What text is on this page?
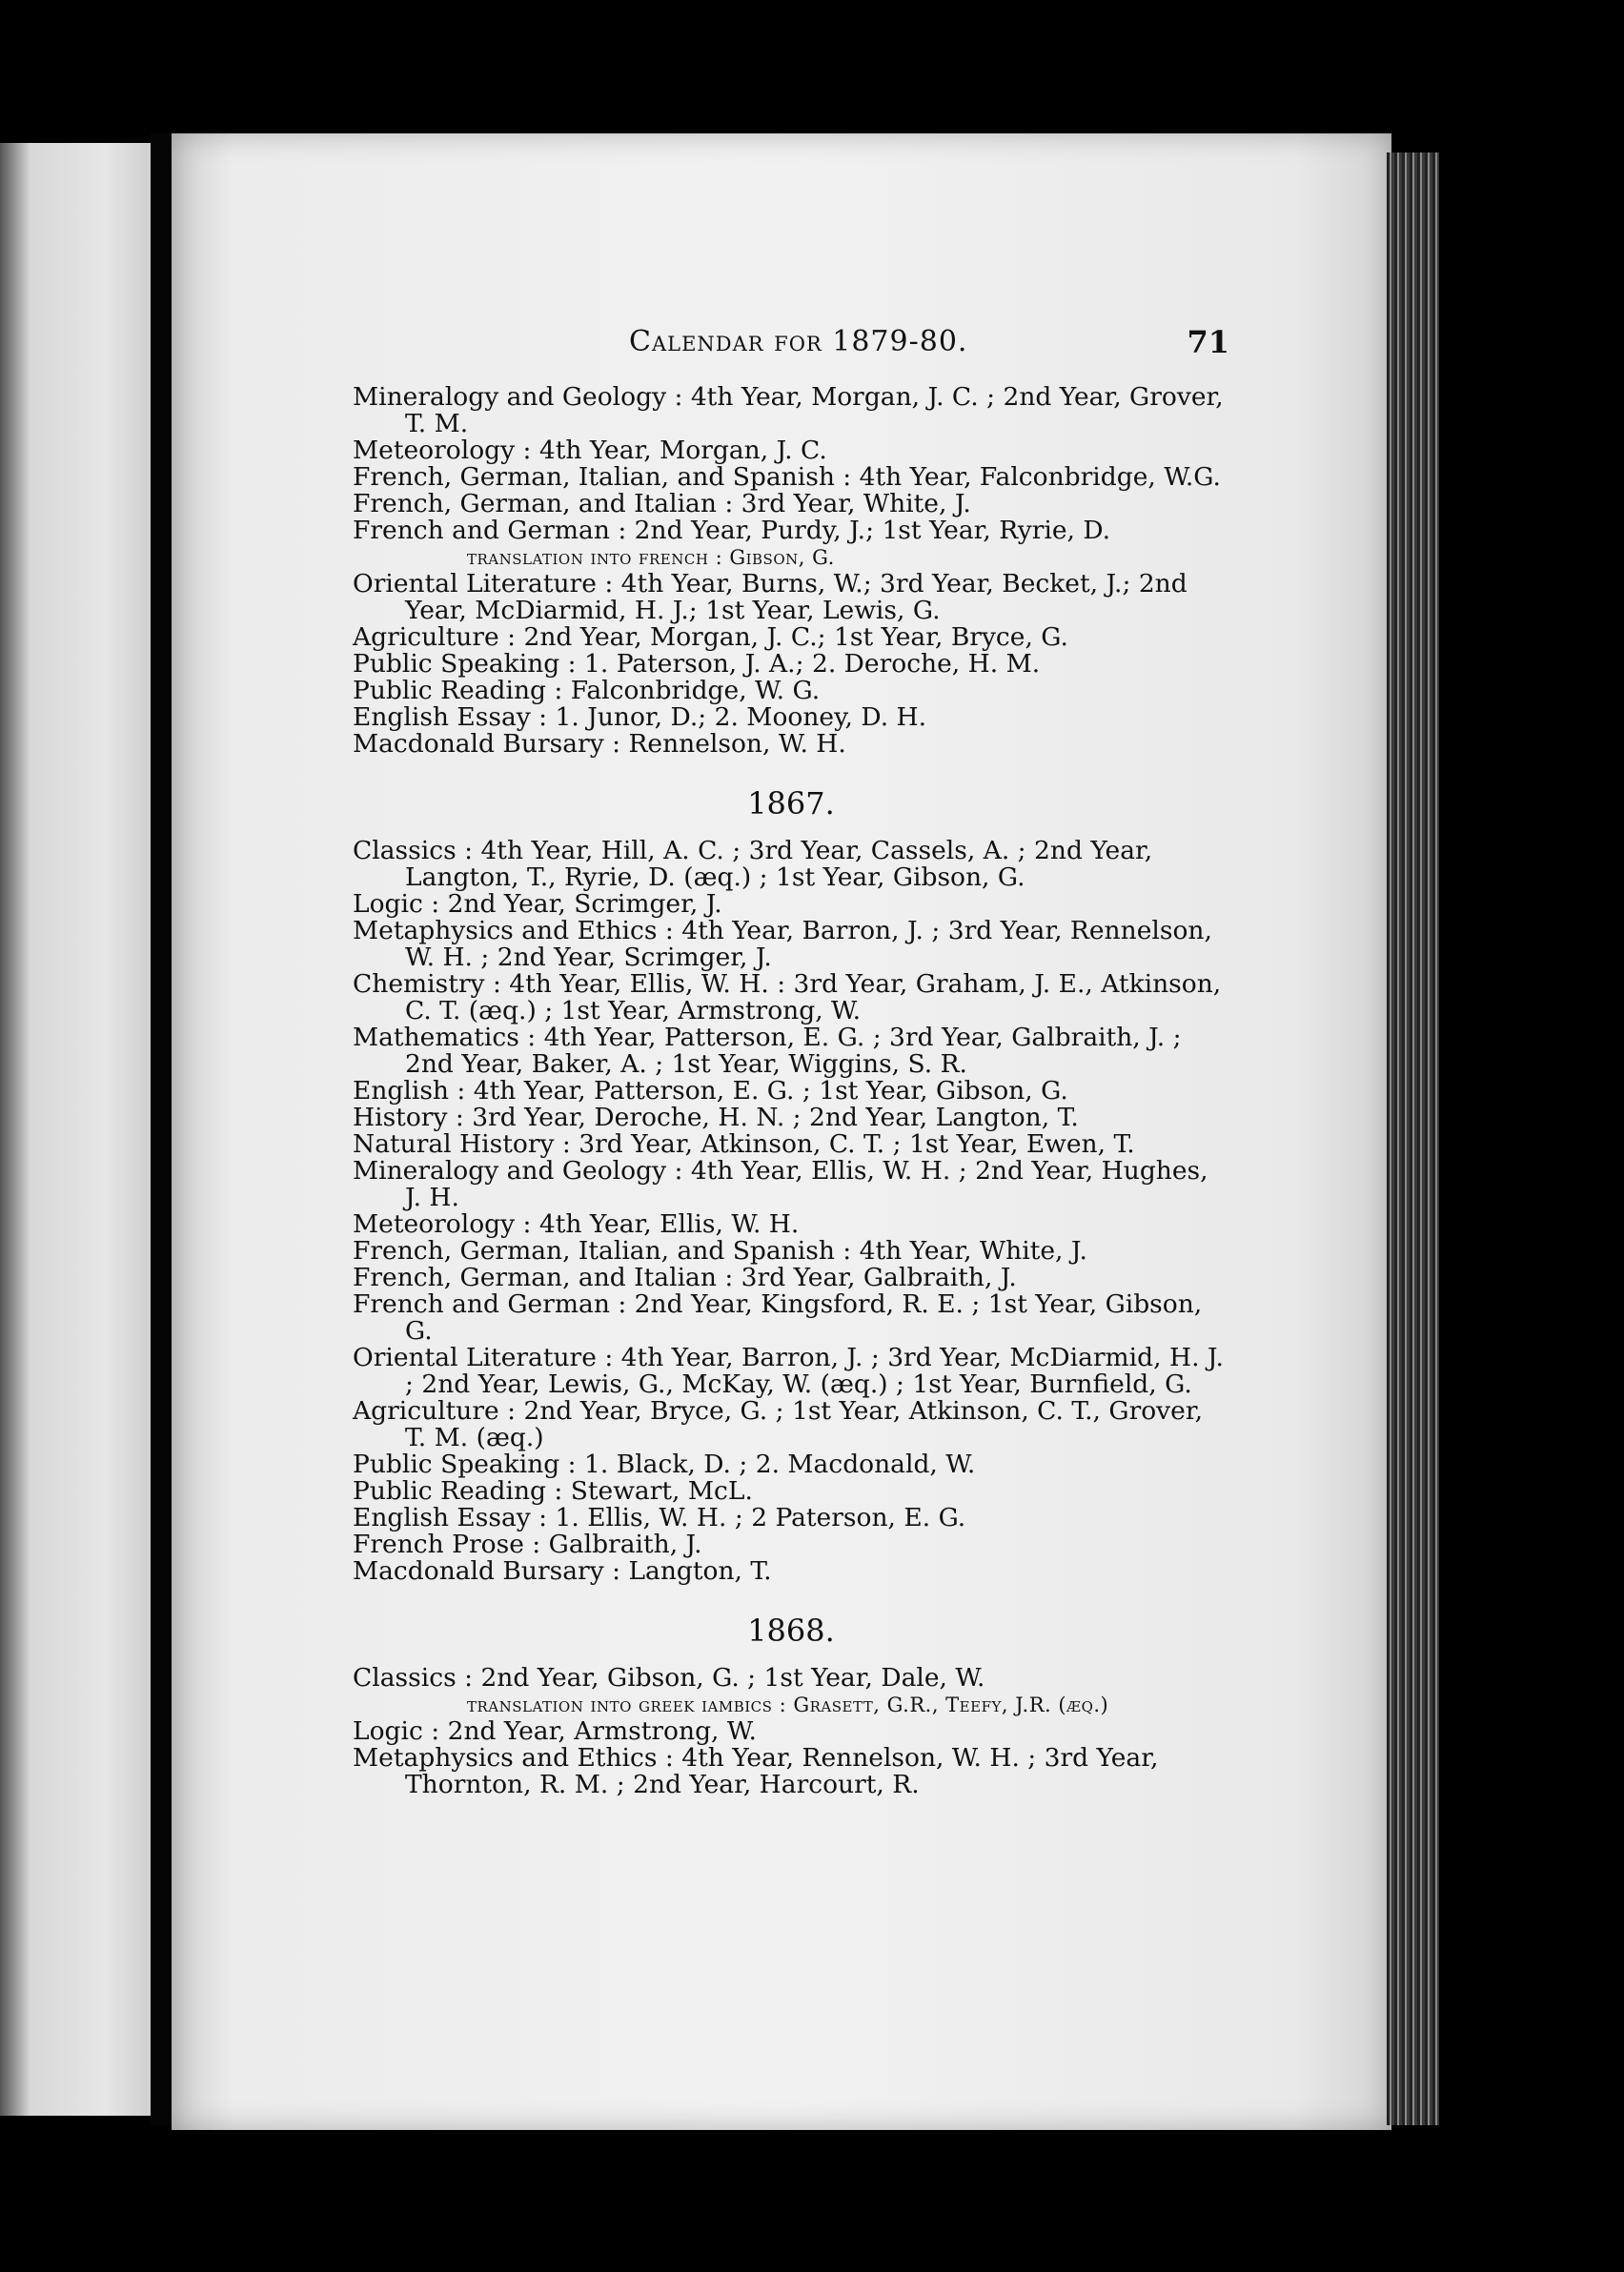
Calendar for 1879-80.	71

Mineralogy and Geology : 4th Year, Morgan, J. C. ; 2nd Year, Grover, T. M.

Meteorology : 4th Year, Morgan, J. C.

French, German, Italian, and Spanish : 4th Year, Falconbridge, W.G.

French, German, and Italian : 3rd Year, White, J.

French and German : 2nd Year, Purdy, J.; 1st Year, Ryrie, D.

translation into french : Gibson, G.

Oriental Literature : 4th Year, Burns, W.; 3rd Year, Becket, J.; 2nd Year, McDiarmid, H. J.; 1st Year, Lewis, G.

Agriculture : 2nd Year, Morgan, J. C.; 1st Year, Bryce, G.

Public Speaking : 1. Paterson, J. A.; 2. Deroche, H. M.

Public Reading : Falconbridge, W. G.

English Essay : 1. Junor, D.; 2. Mooney, D. H.

Macdonald Bursary : Rennelson, W. H.

1867.

Classics : 4th Year, Hill, A. C. ; 3rd Year, Cassels, A. ; 2nd Year, Langton, T., Ryrie, D. (æq.) ; 1st Year, Gibson, G.

Logic : 2nd Year, Scrimger, J.

Metaphysics and Ethics : 4th Year, Barron, J. ; 3rd Year, Rennelson, W. H. ; 2nd Year, Scrimger, J.

Chemistry : 4th Year, Ellis, W. H. : 3rd Year, Graham, J. E., Atkinson, C. T. (æq.) ; 1st Year, Armstrong, W.

Mathematics : 4th Year, Patterson, E. G. ; 3rd Year, Galbraith, J. ; 2nd Year, Baker, A. ; 1st Year, Wiggins, S. R.

English : 4th Year, Patterson, E. G. ; 1st Year, Gibson, G.

History : 3rd Year, Deroche, H. N. ; 2nd Year, Langton, T.

Natural History : 3rd Year, Atkinson, C. T. ; 1st Year, Ewen, T.

Mineralogy and Geology : 4th Year, Ellis, W. H. ; 2nd Year, Hughes, J. H.

Meteorology : 4th Year, Ellis, W. H.

French, German, Italian, and Spanish : 4th Year, White, J.

French, German, and Italian : 3rd Year, Galbraith, J.

French and German : 2nd Year, Kingsford, R. E. ; 1st Year, Gibson, G.

Oriental Literature : 4th Year, Barron, J. ; 3rd Year, McDiarmid, H. J. ; 2nd Year, Lewis, G., McKay, W. (æq.) ; 1st Year, Burnfield, G.

Agriculture : 2nd Year, Bryce, G. ; 1st Year, Atkinson, C. T., Grover, T. M. (æq.)

Public Speaking : 1. Black, D. ; 2. Macdonald, W.

Public Reading : Stewart, McL.

English Essay : 1. Ellis, W. H. ; 2 Paterson, E. G.

French Prose : Galbraith, J.

Macdonald Bursary : Langton, T.

1868.

Classics : 2nd Year, Gibson, G. ; 1st Year, Dale, W.

translation into greek iambics : Grasett, G.R., Teefy, J.R. (æq.)

Logic : 2nd Year, Armstrong, W.

Metaphysics and Ethics : 4th Year, Rennelson, W. H. ; 3rd Year, Thornton, R. M. ; 2nd Year, Harcourt, R.
